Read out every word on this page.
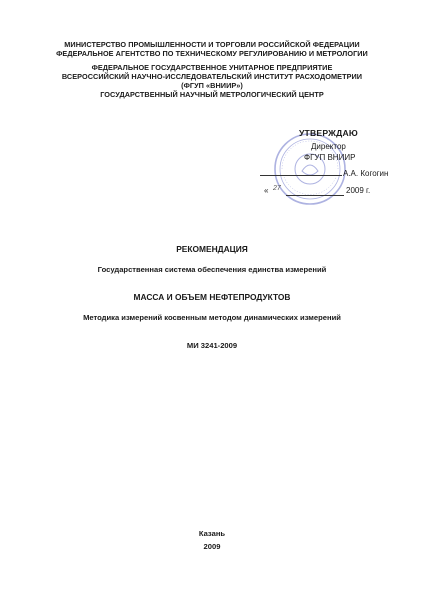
МИНИСТЕРСТВО ПРОМЫШЛЕННОСТИ И ТОРГОВЛИ РОССИЙСКОЙ ФЕДЕРАЦИИ
ФЕДЕРАЛЬНОЕ АГЕНТСТВО ПО ТЕХНИЧЕСКОМУ РЕГУЛИРОВАНИЮ И МЕТРОЛОГИИ
ФЕДЕРАЛЬНОЕ ГОСУДАРСТВЕННОЕ УНИТАРНОЕ ПРЕДПРИЯТИЕ
ВСЕРОССИЙСКИЙ НАУЧНО-ИССЛЕДОВАТЕЛЬСКИЙ ИНСТИТУТ РАСХОДОМЕТРИИ
(ФГУП «ВНИИР»)
ГОСУДАРСТВЕННЫЙ НАУЧНЫЙ МЕТРОЛОГИЧЕСКИЙ ЦЕНТР
УТВЕРЖДАЮ
Директор
ФГУП ВНИИР
А.А. Когогин
« 27	2009 г.
РЕКОМЕНДАЦИЯ
Государственная система обеспечения единства измерений
МАССА И ОБЪЕМ НЕФТЕПРОДУКТОВ
Методика измерений косвенным методом динамических измерений
МИ 3241-2009
Казань
2009
